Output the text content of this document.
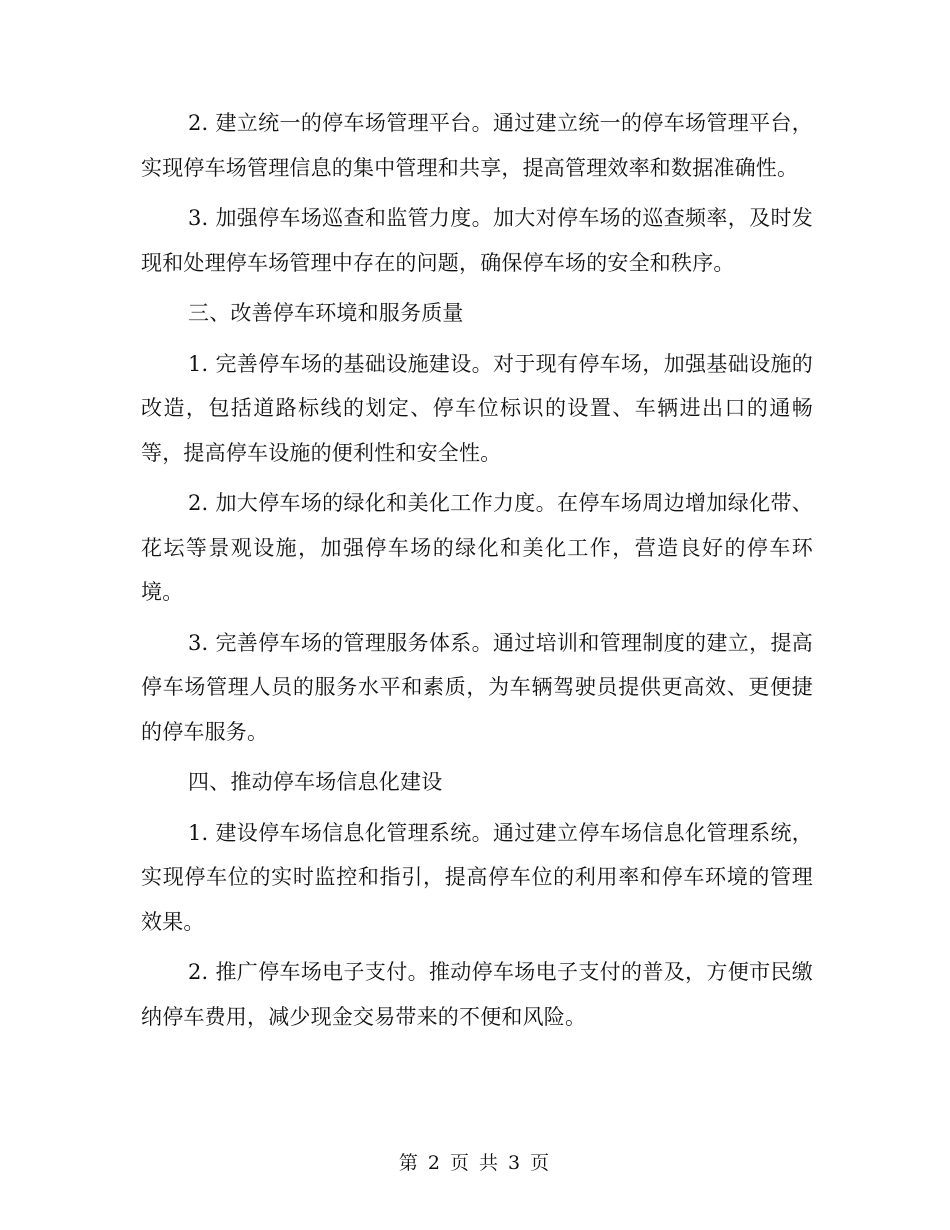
2. 建立统一的停车场管理平台。通过建立统一的停车场管理平台，实现停车场管理信息的集中管理和共享，提高管理效率和数据准确性。

3. 加强停车场巡查和监管力度。加大对停车场的巡查频率，及时发现和处理停车场管理中存在的问题，确保停车场的安全和秩序。

三、改善停车环境和服务质量

1. 完善停车场的基础设施建设。对于现有停车场，加强基础设施的改造，包括道路标线的划定、停车位标识的设置、车辆进出口的通畅等，提高停车设施的便利性和安全性。

2. 加大停车场的绿化和美化工作力度。在停车场周边增加绿化带、花坛等景观设施，加强停车场的绿化和美化工作，营造良好的停车环境。

3. 完善停车场的管理服务体系。通过培训和管理制度的建立，提高停车场管理人员的服务水平和素质，为车辆驾驶员提供更高效、更便捷的停车服务。

四、推动停车场信息化建设

1. 建设停车场信息化管理系统。通过建立停车场信息化管理系统，实现停车位的实时监控和指引，提高停车位的利用率和停车环境的管理效果。

2. 推广停车场电子支付。推动停车场电子支付的普及，方便市民缴纳停车费用，减少现金交易带来的不便和风险。

第 2 页 共 3 页
